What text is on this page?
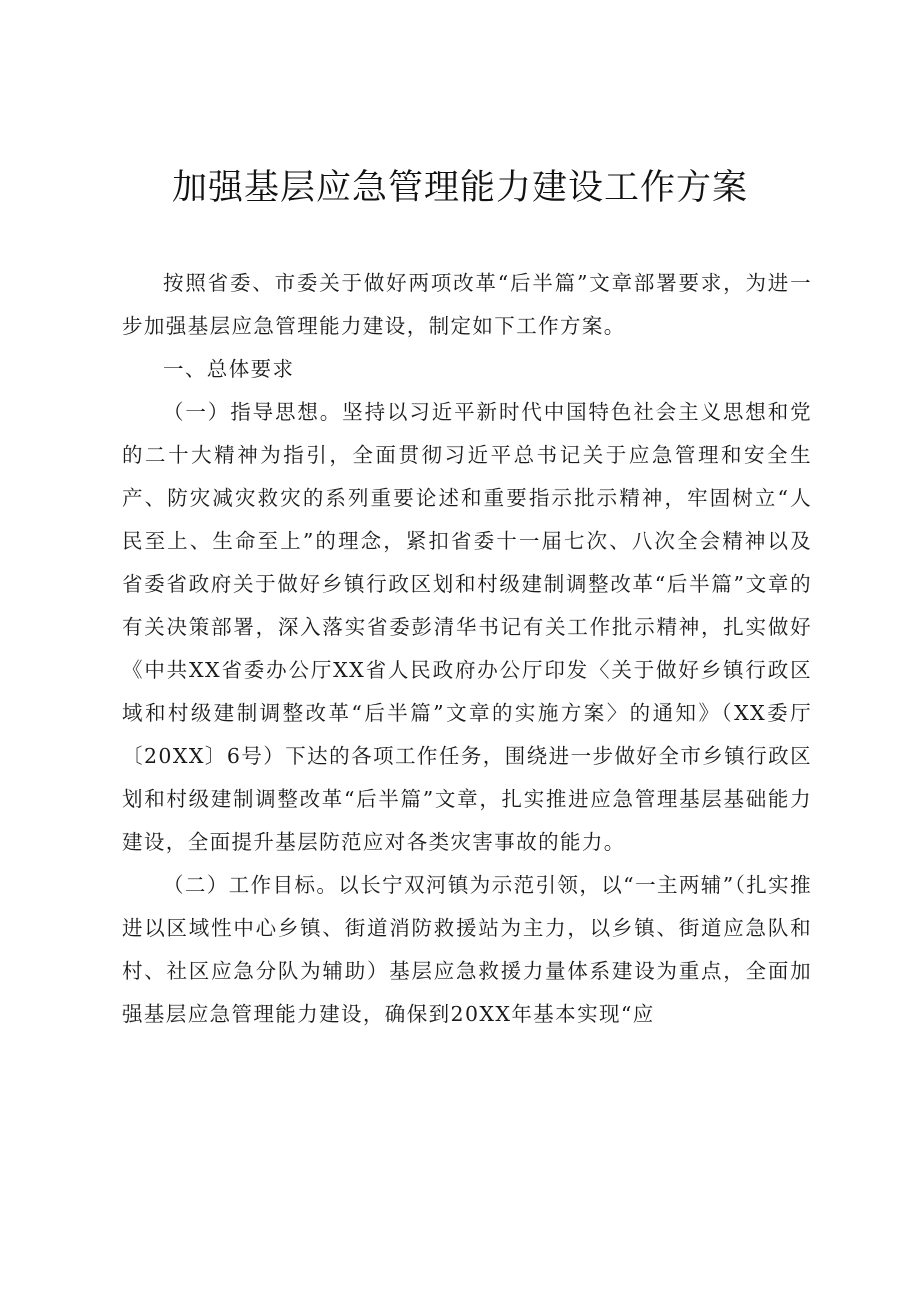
加强基层应急管理能力建设工作方案

按照省委、市委关于做好两项改革“后半篇”文章部署要求，为进一步加强基层应急管理能力建设，制定如下工作方案。

一、总体要求

（一）指导思想。坚持以习近平新时代中国特色社会主义思想和党的二十大精神为指引，全面贯彻习近平总书记关于应急管理和安全生产、防灾减灾救灾的系列重要论述和重要指示批示精神，牢固树立“人民至上、生命至上”的理念，紧扣省委十一届七次、八次全会精神以及省委省政府关于做好乡镇行政区划和村级建制调整改革“后半篇”文章的有关决策部署，深入落实省委彭清华书记有关工作批示精神，扎实做好《中共XX省委办公厅XX省人民政府办公厅印发〈关于做好乡镇行政区域和村级建制调整改革“后半篇”文章的实施方案〉的通知》（XX委厅〔20XX〕6号）下达的各项工作任务，围绕进一步做好全市乡镇行政区划和村级建制调整改革“后半篇”文章，扎实推进应急管理基层基础能力建设，全面提升基层防范应对各类灾害事故的能力。

（二）工作目标。以长宁双河镇为示范引领，以“一主两辅”（扎实推进以区域性中心乡镇、街道消防救援站为主力，以乡镇、街道应急队和村、社区应急分队为辅助）基层应急救援力量体系建设为重点，全面加强基层应急管理能力建设，确保到20XX年基本实现“应
